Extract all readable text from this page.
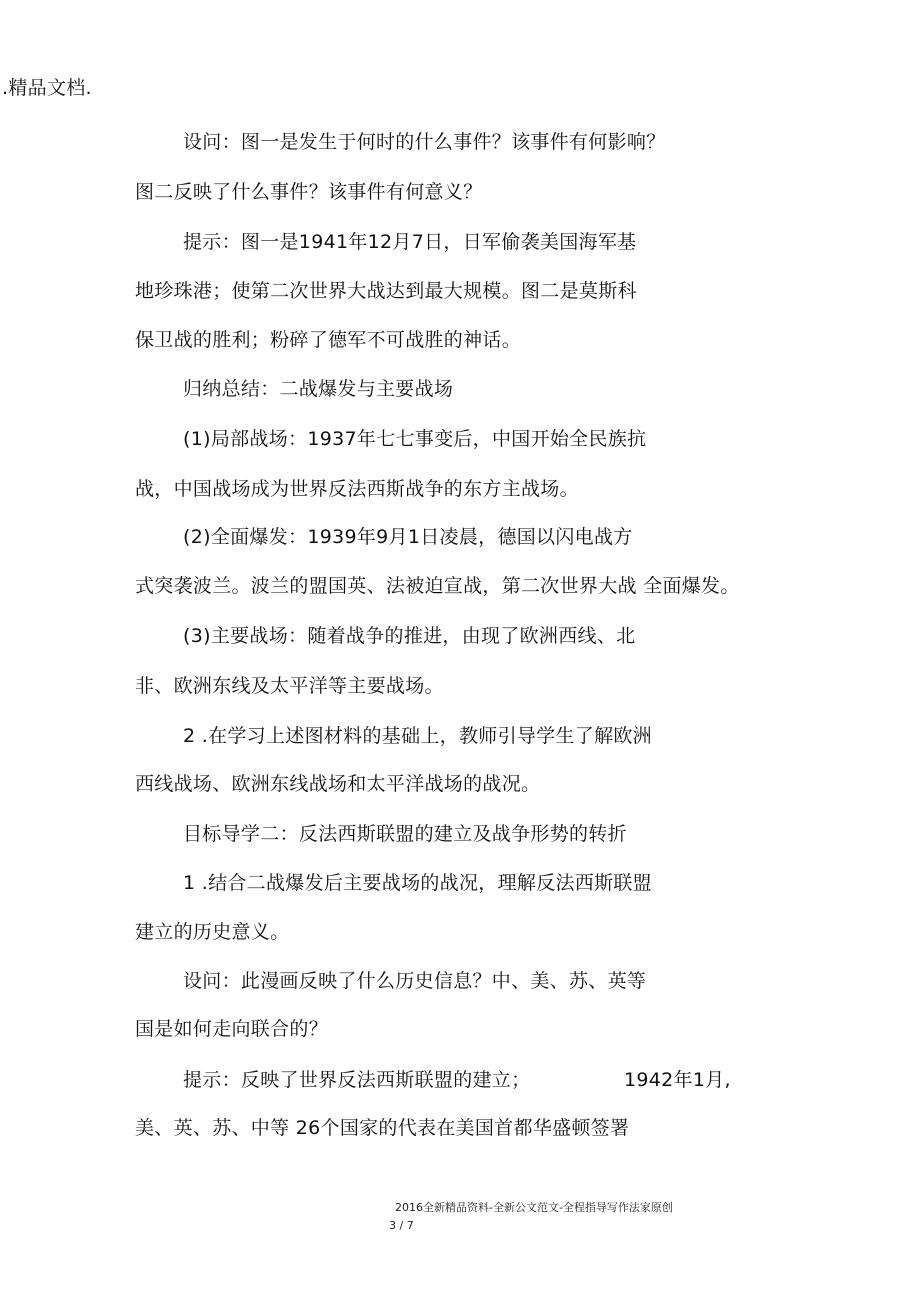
.精品文档.
设问：图一是发生于何时的什么事件？该事件有何影响？
图二反映了什么事件？该事件有何意义？
提示：图一是1941年12月7日，日军偷袭美国海军基
地珍珠港；使第二次世界大战达到最大规模。图二是莫斯科
保卫战的胜利；粉碎了德军不可战胜的神话。
归纳总结：二战爆发与主要战场
(1)局部战场：1937年七七事变后，中国开始全民族抗
战，中国战场成为世界反法西斯战争的东方主战场。
(2)全面爆发：1939年9月1日凌晨，德国以闪电战方
式突袭波兰。波兰的盟国英、法被迫宣战，第二次世界大战 全面爆发。
(3)主要战场：随着战争的推进，由现了欧洲西线、北
非、欧洲东线及太平洋等主要战场。
2 .在学习上述图材料的基础上，教师引导学生了解欧洲
西线战场、欧洲东线战场和太平洋战场的战况。
目标导学二：反法西斯联盟的建立及战争形势的转折
1 .结合二战爆发后主要战场的战况，理解反法西斯联盟
建立的历史意义。
设问：此漫画反映了什么历史信息？中、美、苏、英等
国是如何走向联合的？
提示：反映了世界反法西斯联盟的建立；	1942年1月,
美、英、苏、中等 26个国家的代表在美国首都华盛顿签署
2016全新精品资料-全新公文范文-全程指导写作法家原创
3 / 7
